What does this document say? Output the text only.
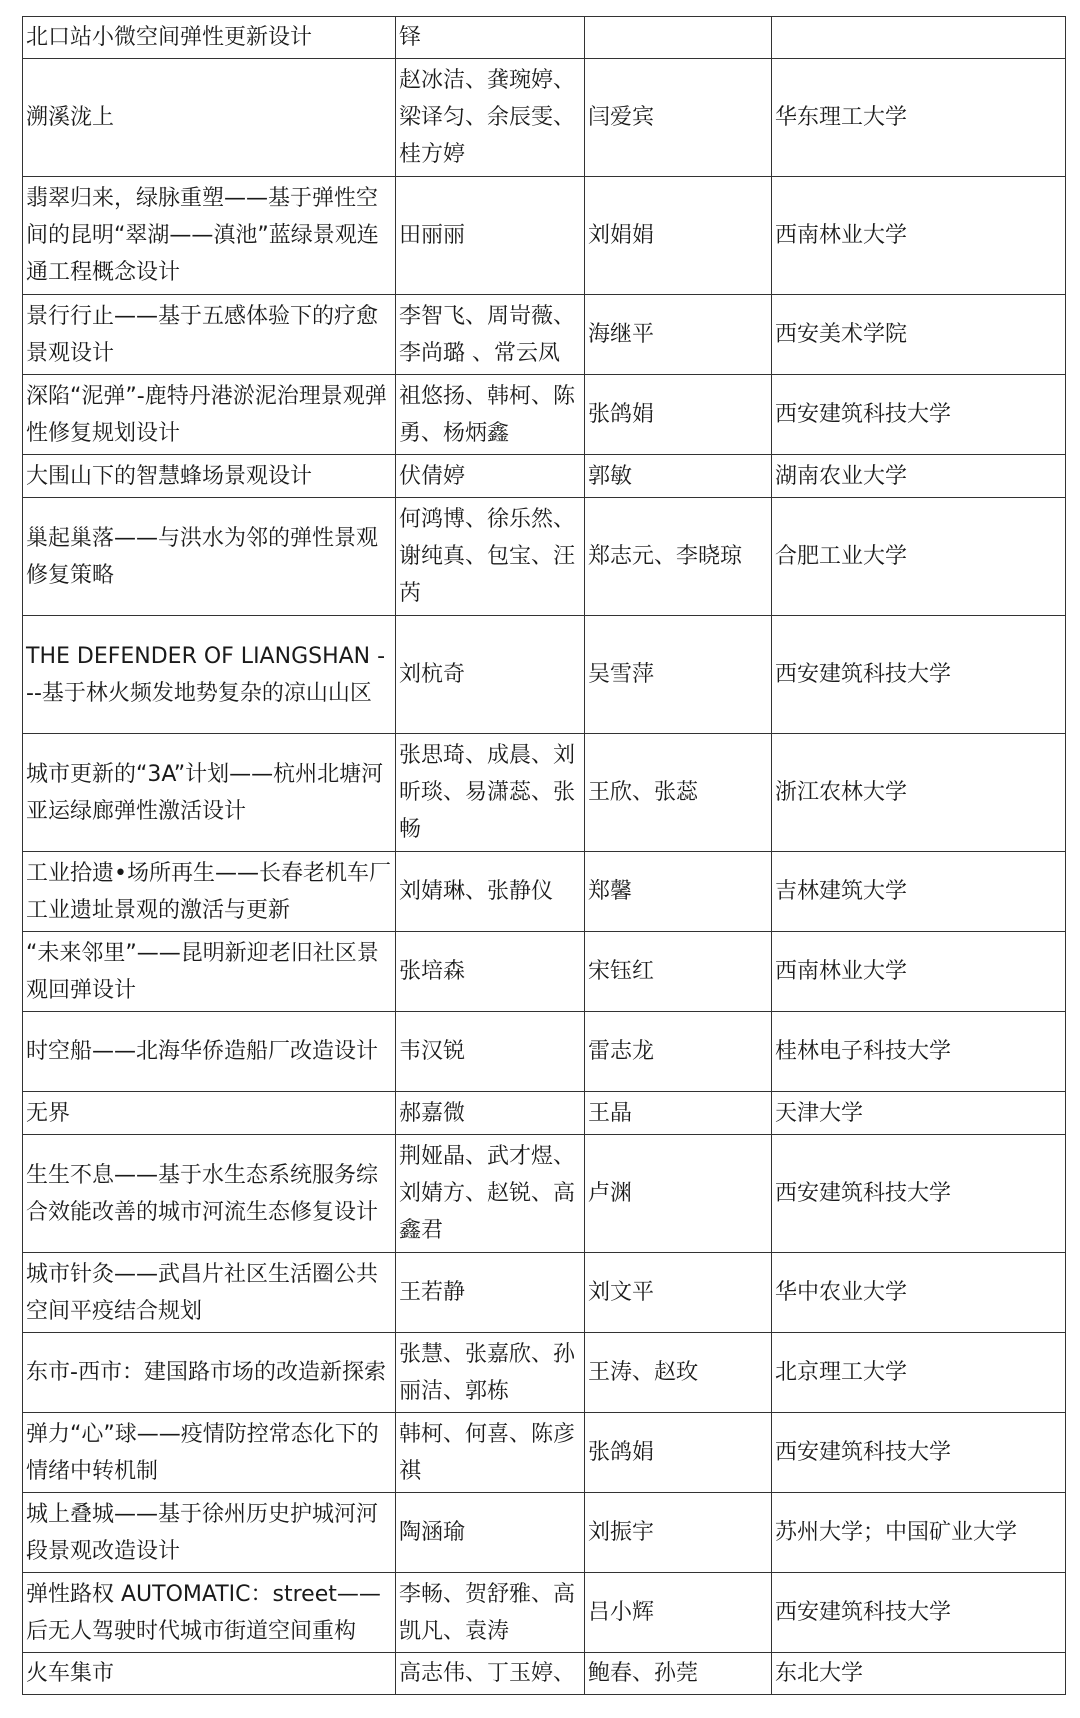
北口站小微空间弹性更新设计	铎		
溯溪泷上	赵冰洁、龚琬婷、梁译匀、余辰雯、桂方婷	闫爱宾	华东理工大学
翡翠归来，绿脉重塑——基于弹性空间的昆明“翠湖——滇池”蓝绿景观连通工程概念设计	田丽丽	刘娟娟	西南林业大学
景行行止——基于五感体验下的疗愈景观设计	李智飞、周岢薇、李尚璐 、常云凤	海继平	西安美术学院
深陷“泥弹”-鹿特丹港淤泥治理景观弹性修复规划设计	祖悠扬、韩柯、陈勇、杨炳鑫	张鸽娟	西安建筑科技大学
大围山下的智慧蜂场景观设计	伏倩婷	郭敏	湖南农业大学
巢起巢落——与洪水为邻的弹性景观修复策略	何鸿博、徐乐然、谢纯真、包宝、汪芮	郑志元、李晓琼	合肥工业大学
THE DEFENDER OF LIANGSHAN ---基于林火频发地势复杂的凉山山区	刘杭奇	吴雪萍	西安建筑科技大学
城市更新的“3A”计划——杭州北塘河亚运绿廊弹性激活设计	张思琦、成晨、刘昕琰、易潇蕊、张畅	王欣、张蕊	浙江农林大学
工业拾遗•场所再生——长春老机车厂工业遗址景观的激活与更新	刘婧琳、张静仪	郑馨	吉林建筑大学
“未来邻里”——昆明新迎老旧社区景观回弹设计	张培森	宋钰红	西南林业大学
时空船——北海华侨造船厂改造设计	韦汉锐	雷志龙	桂林电子科技大学
无界	郝嘉微	王晶	天津大学
生生不息——基于水生态系统服务综合效能改善的城市河流生态修复设计	荆娅晶、武才煜、刘婧方、赵锐、高鑫君	卢渊	西安建筑科技大学
城市针灸——武昌片社区生活圈公共空间平疫结合规划	王若静	刘文平	华中农业大学
东市-西市：建国路市场的改造新探索	张慧、张嘉欣、孙丽洁、郭栋	王涛、赵玫	北京理工大学
弹力“心”球——疫情防控常态化下的情绪中转机制	韩柯、何喜、陈彦祺	张鸽娟	西安建筑科技大学
城上叠城——基于徐州历史护城河河段景观改造设计	陶涵瑜	刘振宇	苏州大学；中国矿业大学
弹性路权 AUTOMATIC：street——后无人驾驶时代城市街道空间重构	李畅、贺舒雅、高凯凡、袁涛	吕小辉	西安建筑科技大学
火车集市	高志伟、丁玉婷、	鲍春、孙莞	东北大学
